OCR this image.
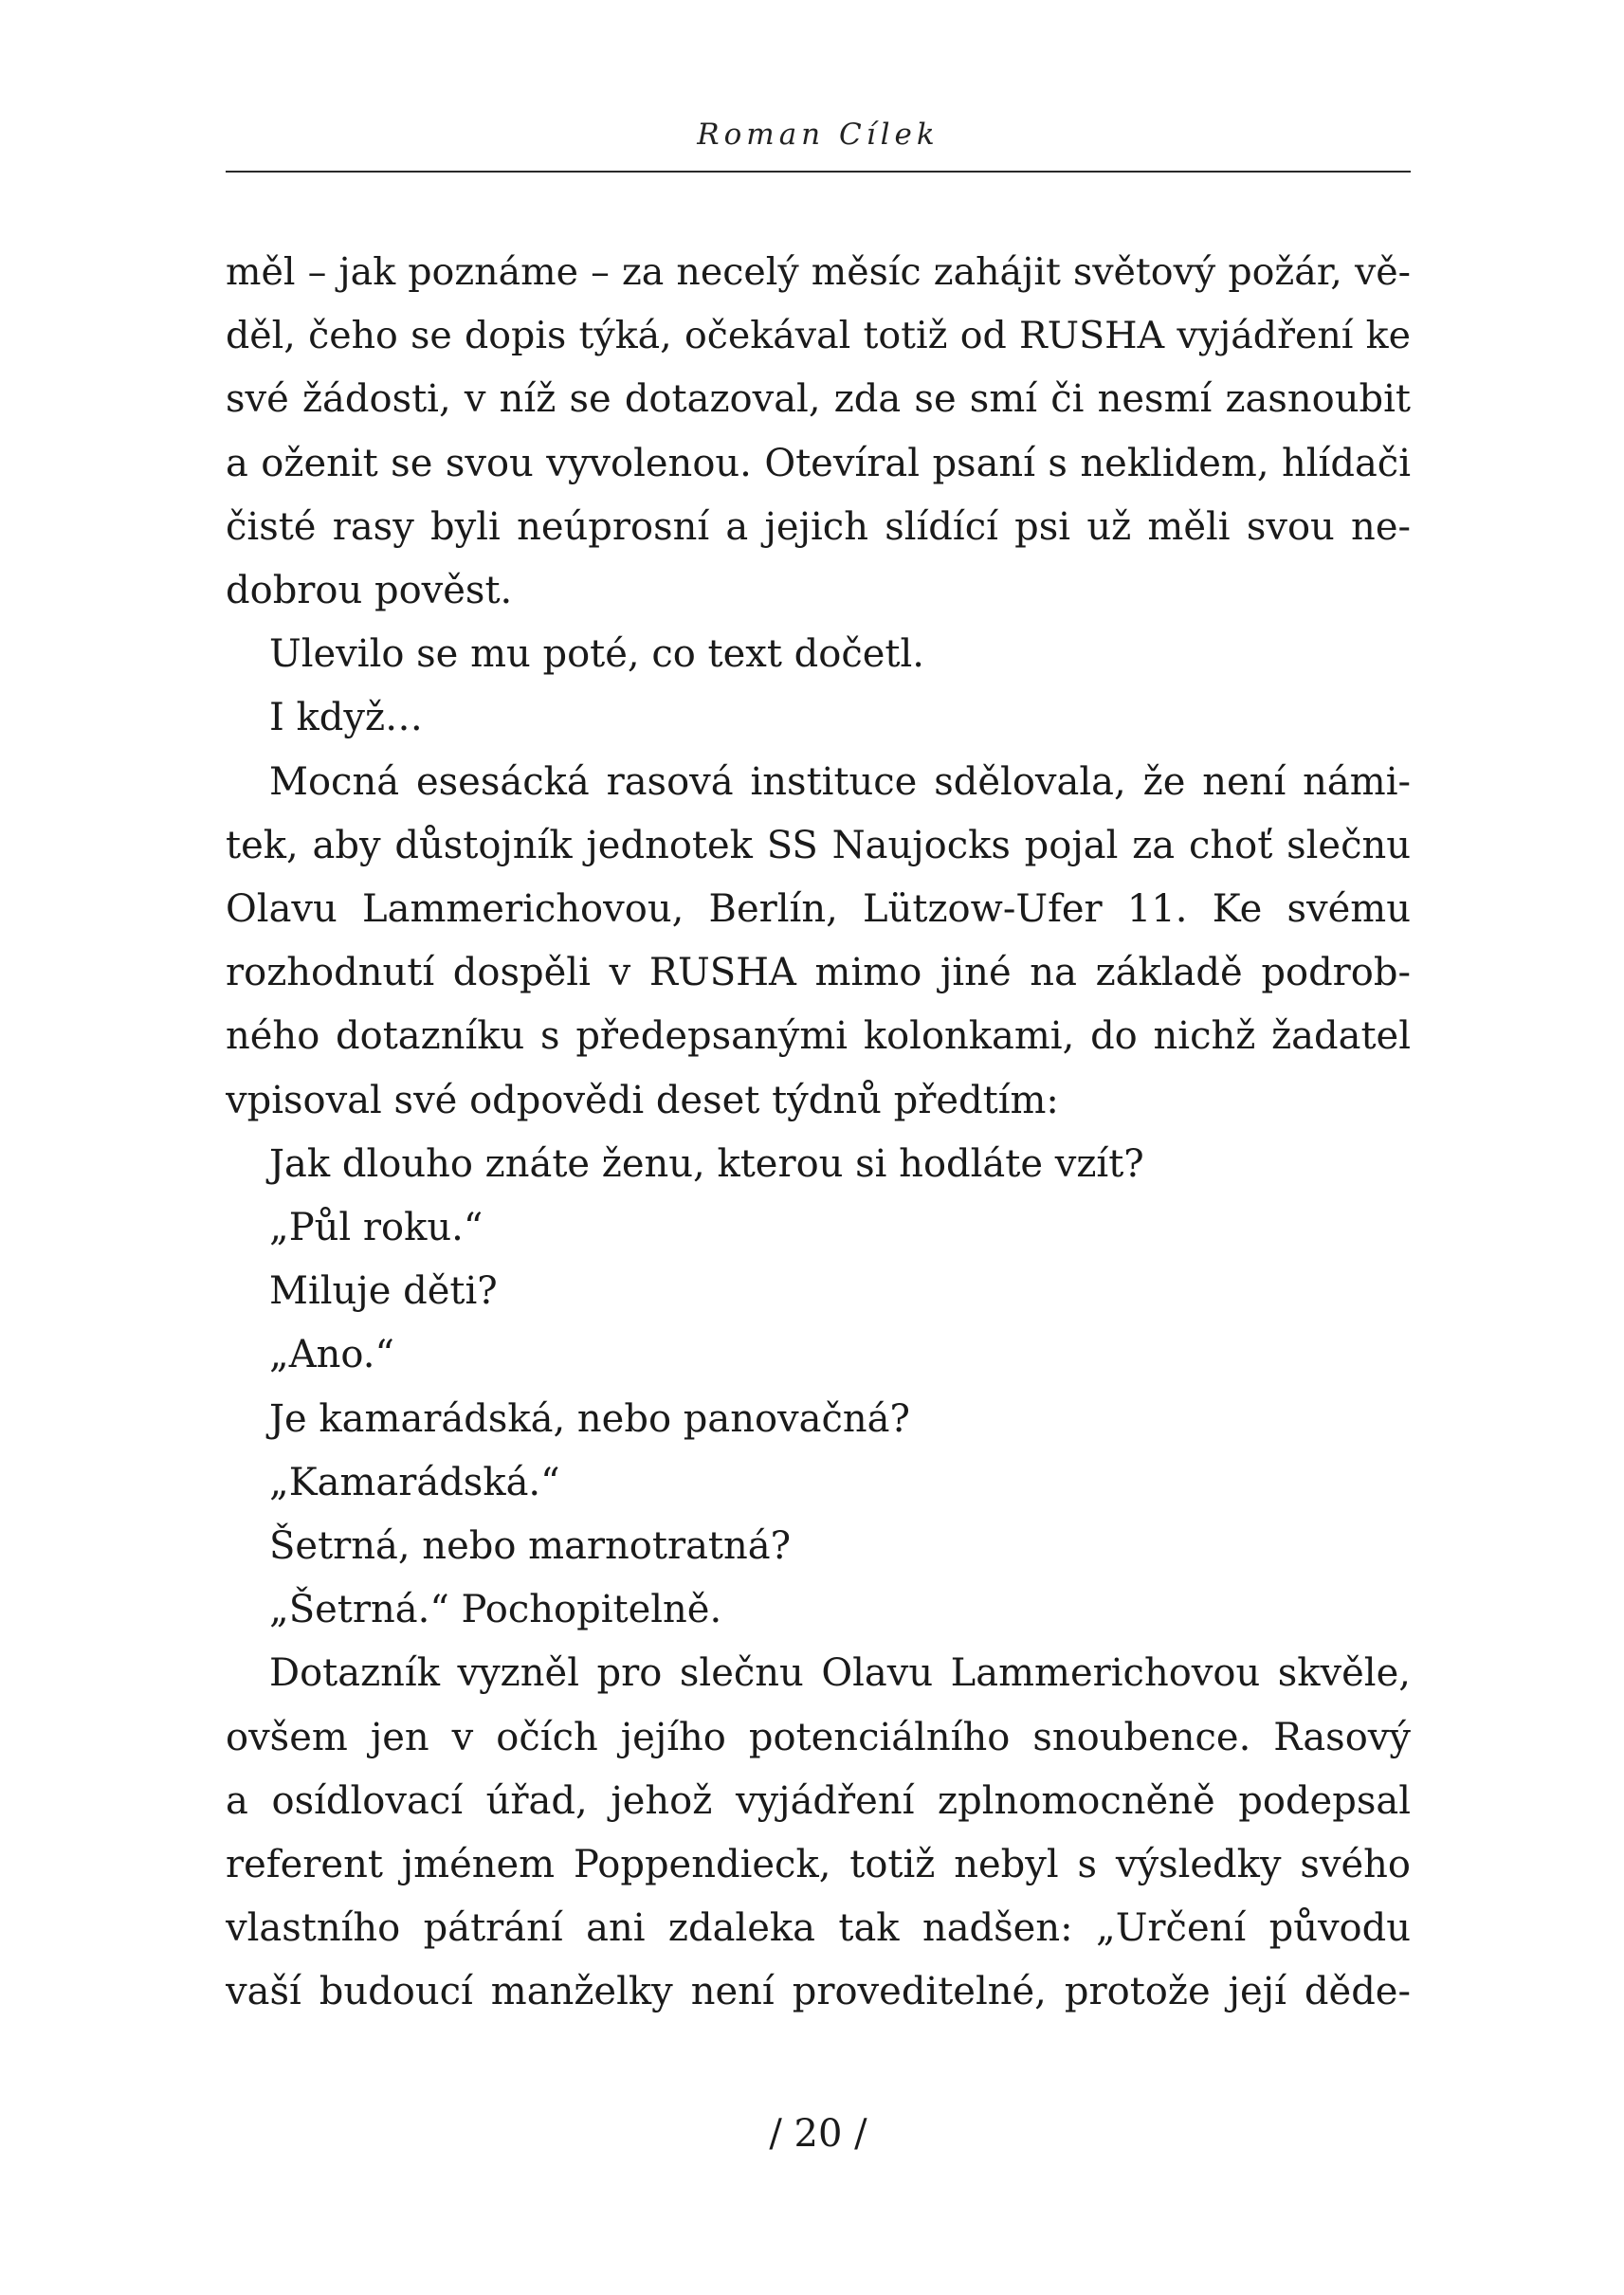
Roman Cílek

měl – jak poznáme – za necelý měsíc zahájit světový požár, vě-

děl, čeho se dopis týká, očekával totiž od RUSHA vyjádření ke

své žádosti, v níž se dotazoval, zda se smí či nesmí zasnoubit

a oženit se svou vyvolenou. Otevíral psaní s neklidem, hlídači

čisté rasy byli neúprosní a jejich slídící psi už měli svou ne-

dobrou pověst.

Ulevilo se mu poté, co text dočetl.

I když…

Mocná esesácká rasová instituce sdělovala, že není námi-

tek, aby důstojník jednotek SS Naujocks pojal za choť slečnu

Olavu Lammerichovou, Berlín, Lützow-Ufer 11. Ke svému

rozhodnutí dospěli v RUSHA mimo jiné na základě podrob-

ného dotazníku s předepsanými kolonkami, do nichž žadatel

vpisoval své odpovědi deset týdnů předtím:

Jak dlouho znáte ženu, kterou si hodláte vzít?

„Půl roku.“

Miluje děti?

„Ano.“

Je kamarádská, nebo panovačná?

„Kamarádská.“

Šetrná, nebo marnotratná?

„Šetrná.“ Pochopitelně.

Dotazník vyzněl pro slečnu Olavu Lammerichovou skvěle,

ovšem jen v očích jejího potenciálního snoubence. Rasový

a osídlovací úřad, jehož vyjádření zplnomocněně podepsal

referent jménem Poppendieck, totiž nebyl s výsledky svého

vlastního pátrání ani zdaleka tak nadšen: „Určení původu

vaší budoucí manželky není proveditelné, protože její děde-

/ 20 /
